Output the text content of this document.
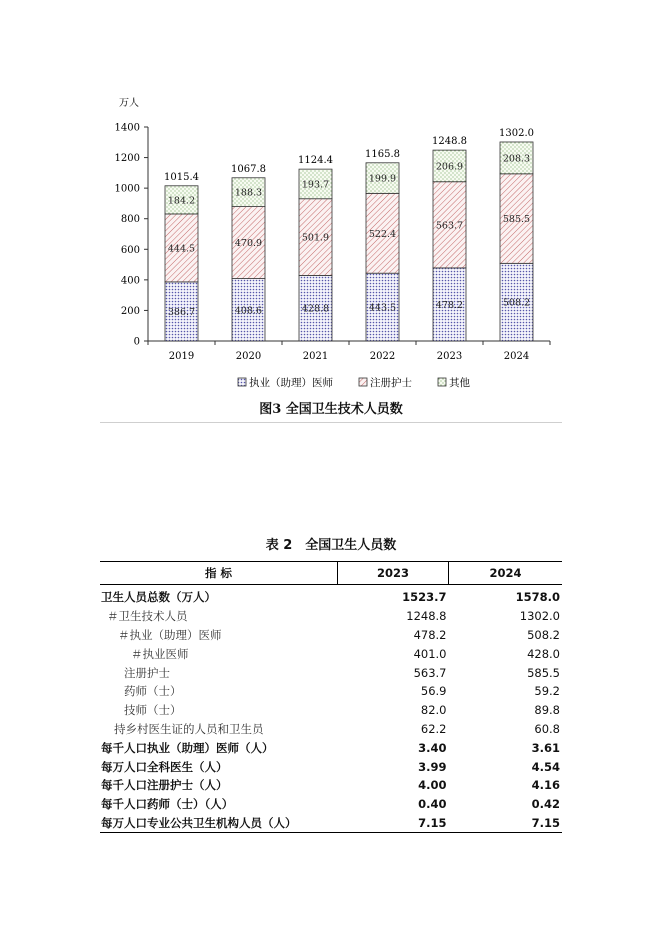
万人
0
200
400
600
800
1000
1200
1400
386.7
444.5
184.2
1015.4
2019
408.6
470.9
188.3
1067.8
2020
428.8
501.9
193.7
1124.4
2021
443.5
522.4
199.9
1165.8
2022
478.2
563.7
206.9
1248.8
2023
508.2
585.5
208.3
1302.0
2024
执业（助理）医师	注册护士	其他
图3 全国卫生技术人员数
表 2　全国卫生人员数
指 标	2023	2024
卫生人员总数（万人）	1523.7	1578.0
＃卫生技术人员	1248.8	1302.0
＃执业（助理）医师	478.2	508.2
＃执业医师	401.0	428.0
注册护士	563.7	585.5
药师（士）	56.9	59.2
技师（士）	82.0	89.8
持乡村医生证的人员和卫生员	62.2	60.8
每千人口执业（助理）医师（人）	3.40	3.61
每万人口全科医生（人）	3.99	4.54
每千人口注册护士（人）	4.00	4.16
每千人口药师（士）（人）	0.40	0.42
每万人口专业公共卫生机构人员（人）	7.15	7.15
